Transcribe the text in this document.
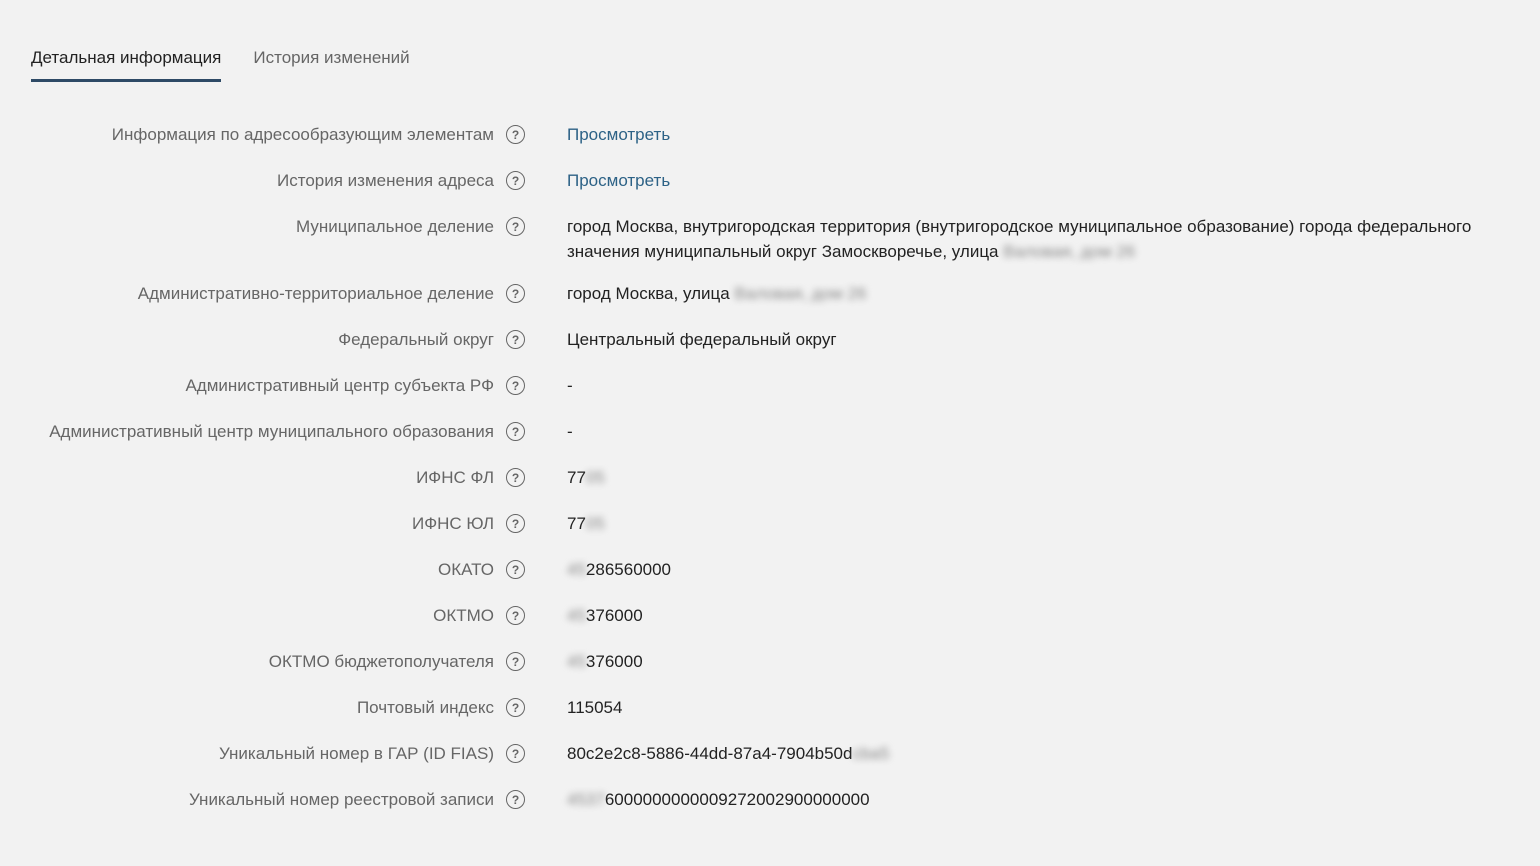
Детальная информация История изменений
Информация по адресообразующим элементам	?	Просмотреть
История изменения адреса	?	Просмотреть
Муниципальное деление	?	город Москва, внутригородская территория (внутригородское муниципальное образование) города федерального значения муниципальный округ Замоскворечье, улица Валовая, дом 26
Административно-территориальное деление	?	город Москва, улица Валовая, дом 26
Федеральный округ	?	Центральный федеральный округ
Административный центр субъекта РФ	?	-
Административный центр муниципального образования	?	-
ИФНС ФЛ	?	7705
ИФНС ЮЛ	?	7705
ОКАТО	?	45286560000
ОКТМО	?	45376000
ОКТМО бюджетополучателя	?	45376000
Почтовый индекс	?	115054
Уникальный номер в ГАР (ID FIAS)	?	80c2e2c8-5886-44dd-87a4-7904b50dcba5
Уникальный номер реестровой записи	?	45376000000000009272002900000000
